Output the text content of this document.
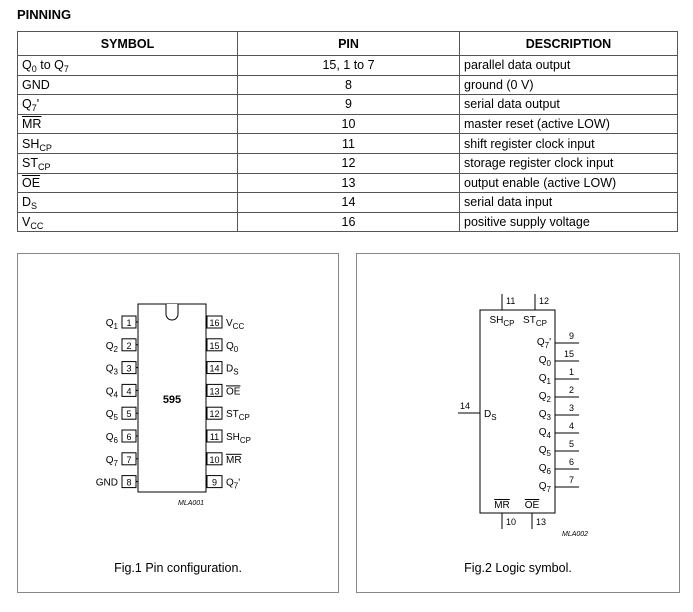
PINNING
SYMBOL	PIN	DESCRIPTION
$Q_0$ to $Q_7$	15, 1 to 7	parallel data output
GND	8	ground (0 V)
$Q_7'$	9	serial data output
$\overline{MR}$	10	master reset (active LOW)
$SH_{CP}$	11	shift register clock input
$ST_{CP}$	12	storage register clock input
$\overline{OE}$	13	output enable (active LOW)
$D_S$	14	serial data input
$V_{CC}$	16	positive supply voltage
595
1
$Q_1$
2
$Q_2$
3
$Q_3$
4
$Q_4$
5
$Q_5$
6
$Q_6$
7
$Q_7$
8
GND
16 $V_{CC}$
15 $Q_0$
14 $D_S$
13 OE
12 $ST_{CP}$
11 $SH_{CP}$
10 MR
9 $Q_7'$
MLA001
Fig.1 Pin configuration.
11
$SH_{CP}$
12
$ST_{CP}$
14
$D_S$
9
$Q_7'$
15
$Q_0$
1
$Q_1$
2
$Q_2$
3
$Q_3$
4
$Q_4$
5
$Q_5$
6
$Q_6$
7
$Q_7$
10
MR
13
OE
MLA002
Fig.2 Logic symbol.
